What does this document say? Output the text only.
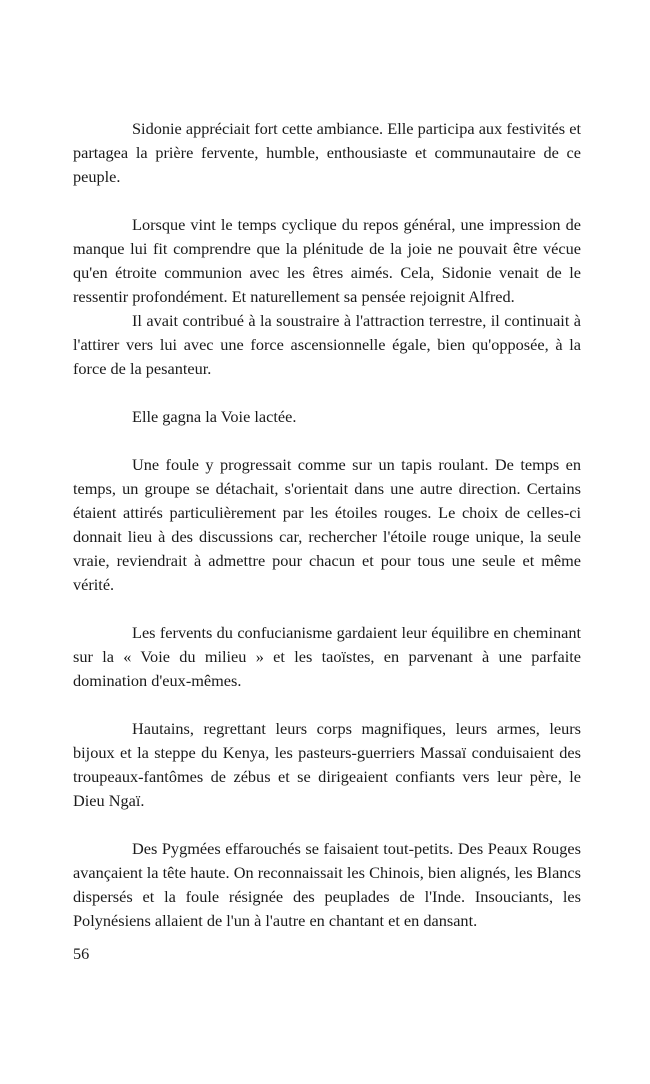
Sidonie appréciait fort cette ambiance. Elle participa aux festivités et partagea la prière fervente, humble, enthousiaste et communautaire de ce peuple.

Lorsque vint le temps cyclique du repos général, une impression de manque lui fit comprendre que la plénitude de la joie ne pouvait être vécue qu'en étroite communion avec les êtres aimés. Cela, Sidonie venait de le ressentir profondément. Et naturellement sa pensée rejoignit Alfred.

Il avait contribué à la soustraire à l'attraction terrestre, il continuait à l'attirer vers lui avec une force ascensionnelle égale, bien qu'opposée, à la force de la pesanteur.

Elle gagna la Voie lactée.

Une foule y progressait comme sur un tapis roulant. De temps en temps, un groupe se détachait, s'orientait dans une autre direction. Certains étaient attirés particulièrement par les étoiles rouges. Le choix de celles-ci donnait lieu à des discussions car, rechercher l'étoile rouge unique, la seule vraie, reviendrait à admettre pour chacun et pour tous une seule et même vérité.

Les fervents du confucianisme gardaient leur équilibre en cheminant sur la « Voie du milieu » et les taoïstes, en parvenant à une parfaite domination d'eux-mêmes.

Hautains, regrettant leurs corps magnifiques, leurs armes, leurs bijoux et la steppe du Kenya, les pasteurs-guerriers Massaï conduisaient des troupeaux-fantômes de zébus et se dirigeaient confiants vers leur père, le Dieu Ngaï.

Des Pygmées effarouchés se faisaient tout-petits. Des Peaux Rouges avançaient la tête haute. On reconnaissait les Chinois, bien alignés, les Blancs dispersés et la foule résignée des peuplades de l'Inde. Insouciants, les Polynésiens allaient de l'un à l'autre en chantant et en dansant.

56
